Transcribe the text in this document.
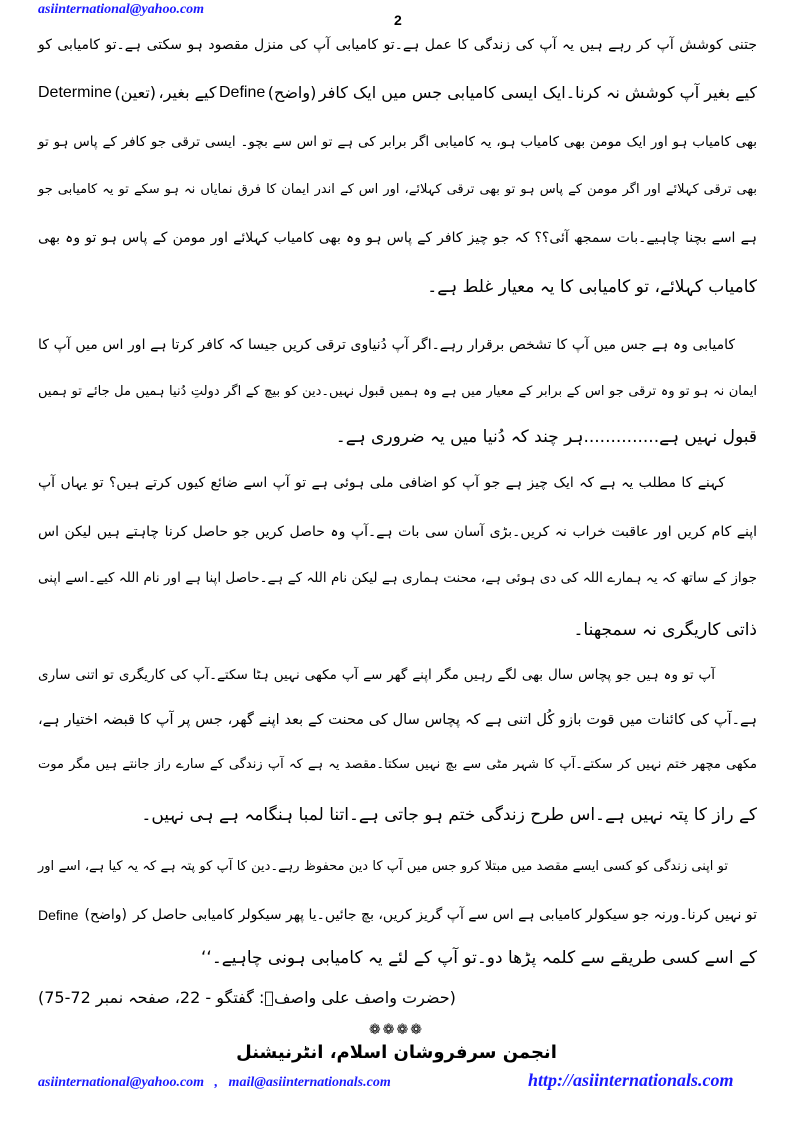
asiinternational@yahoo.com
2
جتنی کوشش آپ کر رہے ہیں یہ آپ کی زندگی کا عمل ہے۔تو کامیابی آپ کی منزل مقصود ہو سکتی ہے۔تو کامیابی کو
Determine (تعین) کیے بغیر، Define (واضح) کیے بغیر آپ کوشش نہ کرنا۔ایک ایسی کامیابی جس میں ایک کافر
بھی کامیاب ہو اور ایک مومن بھی کامیاب ہو، یہ کامیابی اگر برابر کی ہے تو اس سے بچو۔ ایسی ترقی جو کافر کے پاس ہو تو
بھی ترقی کہلائے اور اگر مومن کے پاس ہو تو بھی ترقی کہلائے، اور اس کے اندر ایمان کا فرق نمایاں نہ ہو سکے تو یہ کامیابی جو
ہے اسے بچنا چاہیے۔بات سمجھ آئی؟؟ کہ جو چیز کافر کے پاس ہو وہ بھی کامیاب کہلائے اور مومن کے پاس ہو تو وہ بھی
کامیاب کہلائے، تو کامیابی کا یہ معیار غلط ہے۔
کامیابی وہ ہے جس میں آپ کا تشخص برقرار رہے۔اگر آپ دُنیاوی ترقی کریں جیسا کہ کافر کرتا ہے اور اس میں آپ کا
ایمان نہ ہو تو وہ ترقی جو اس کے برابر کے معیار میں ہے وہ ہمیں قبول نہیں۔دین کو بیچ کے اگر دولتِ دُنیا ہمیں مل جائے تو ہمیں
قبول نہیں ہے..............ہر چند کہ دُنیا میں یہ ضروری ہے۔
کہنے کا مطلب یہ ہے کہ ایک چیز ہے جو آپ کو اضافی ملی ہوئی ہے تو آپ اسے ضائع کیوں کرتے ہیں؟ تو یہاں آپ
اپنے کام کریں اور عاقبت خراب نہ کریں۔بڑی آسان سی بات ہے۔آپ وہ حاصل کریں جو حاصل کرنا چاہتے ہیں لیکن اس
جواز کے ساتھ کہ یہ ہمارے اللہ کی دی ہوئی ہے، محنت ہماری ہے لیکن نام اللہ کے ہے۔حاصل اپنا ہے اور نام اللہ کیے۔اسے اپنی
ذاتی کاریگری نہ سمجھنا۔
آپ تو وہ ہیں جو پچاس سال بھی لگے رہیں مگر اپنے گھر سے آپ مکھی نہیں ہٹا سکتے۔آپ کی کاریگری تو اتنی ساری
ہے۔آپ کی کائنات میں قوت بازو کُل اتنی ہے کہ پچاس سال کی محنت کے بعد اپنے گھر، جس پر آپ کا قبضہ اختیار ہے،
مکھی مچھر ختم نہیں کر سکتے۔آپ کا شہر مٹی سے بچ نہیں سکتا۔مقصد یہ ہے کہ آپ زندگی کے سارے راز جانتے ہیں مگر موت
کے راز کا پتہ نہیں ہے۔اس طرح زندگی ختم ہو جاتی ہے۔اتنا لمبا ہنگامہ ہے ہی نہیں۔
تو اپنی زندگی کو کسی ایسے مقصد میں مبتلا کرو جس میں آپ کا دین محفوظ رہے۔دین کا آپ کو پتہ ہے کہ یہ کیا ہے، اسے اور
Define (واضح) تو نہیں کرنا۔ورنہ جو سیکولر کامیابی ہے اس سے آپ گریز کریں، بچ جائیں۔یا پھر سیکولر کامیابی حاصل کر
کے اسے کسی طریقے سے کلمہ پڑھا دو۔تو آپ کے لئے یہ کامیابی ہونی چاہیے۔‘‘
(حضرت واصف علی واصفؒ: گفتگو - 22، صفحہ نمبر 72-75)
❁❁❁❁
انجمن سرفروشان اسلام، انٹرنیشنل
asiinternational@yahoo.com   ,   mail@asiinternationals.com	http://asiinternationals.com
